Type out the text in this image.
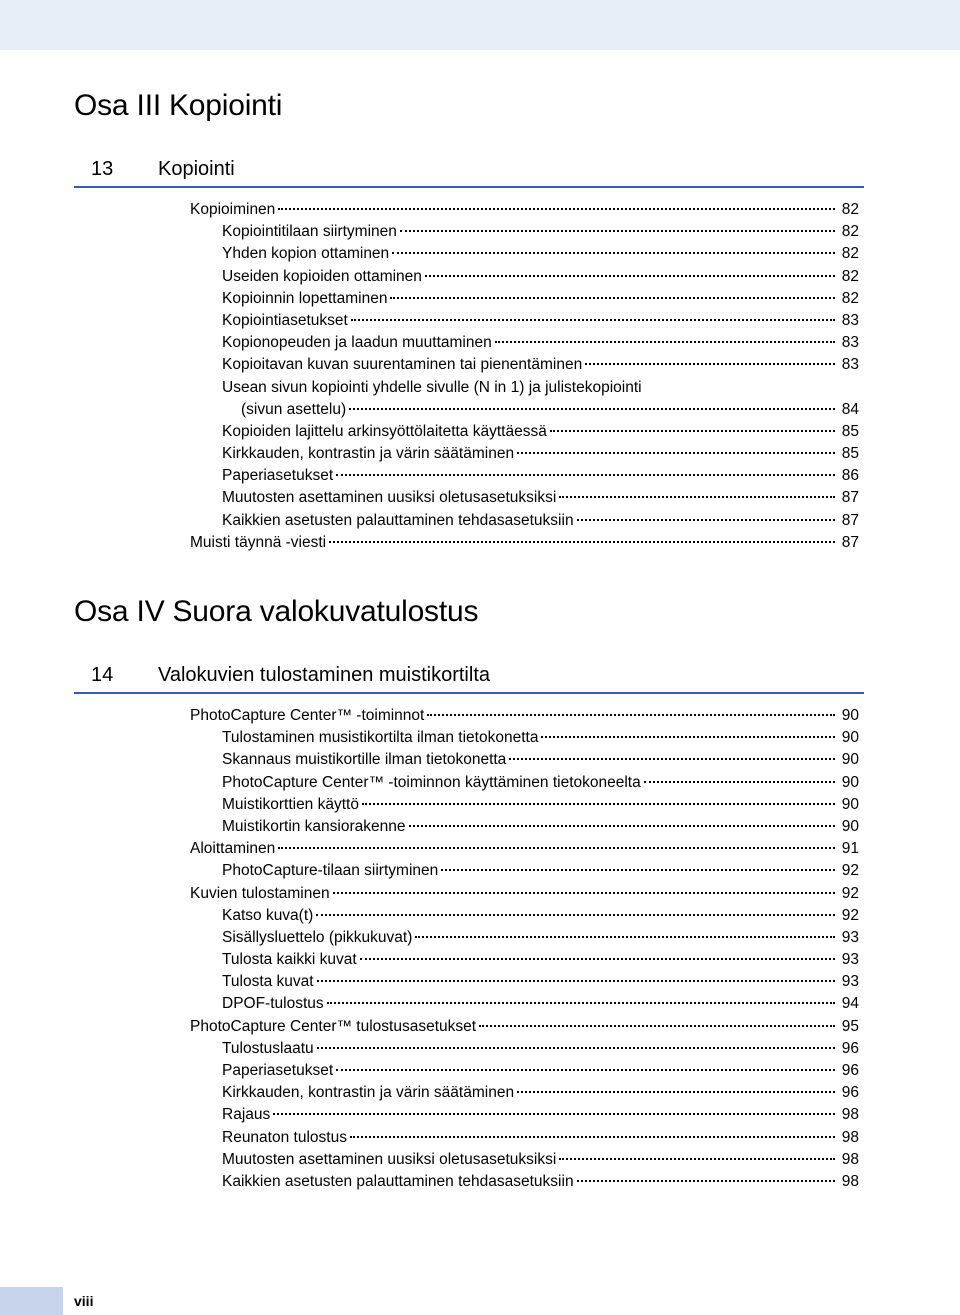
Osa III Kopiointi
13 Kopiointi
Kopioiminen	82
Kopiointitilaan siirtyminen	82
Yhden kopion ottaminen	82
Useiden kopioiden ottaminen	82
Kopioinnin lopettaminen	82
Kopiointiasetukset	83
Kopionopeuden ja laadun muuttaminen	83
Kopioitavan kuvan suurentaminen tai pienentäminen	83
Usean sivun kopiointi yhdelle sivulle (N in 1) ja julistekopiointi
(sivun asettelu)	84
Kopioiden lajittelu arkinsyöttölaitetta käyttäessä	85
Kirkkauden, kontrastin ja värin säätäminen	85
Paperiasetukset	86
Muutosten asettaminen uusiksi oletusasetuksiksi	87
Kaikkien asetusten palauttaminen tehdasasetuksiin	87
Muisti täynnä -viesti	87
Osa IV Suora valokuvatulostus
14 Valokuvien tulostaminen muistikortilta
PhotoCapture Center™ -toiminnot	90
Tulostaminen musistikortilta ilman tietokonetta	90
Skannaus muistikortille ilman tietokonetta	90
PhotoCapture Center™ -toiminnon käyttäminen tietokoneelta	90
Muistikorttien käyttö	90
Muistikortin kansiorakenne	90
Aloittaminen	91
PhotoCapture-tilaan siirtyminen	92
Kuvien tulostaminen	92
Katso kuva(t)	92
Sisällysluettelo (pikkukuvat)	93
Tulosta kaikki kuvat	93
Tulosta kuvat	93
DPOF-tulostus	94
PhotoCapture Center™ tulostusasetukset	95
Tulostuslaatu	96
Paperiasetukset	96
Kirkkauden, kontrastin ja värin säätäminen	96
Rajaus	98
Reunaton tulostus	98
Muutosten asettaminen uusiksi oletusasetuksiksi	98
Kaikkien asetusten palauttaminen tehdasasetuksiin	98
viii
